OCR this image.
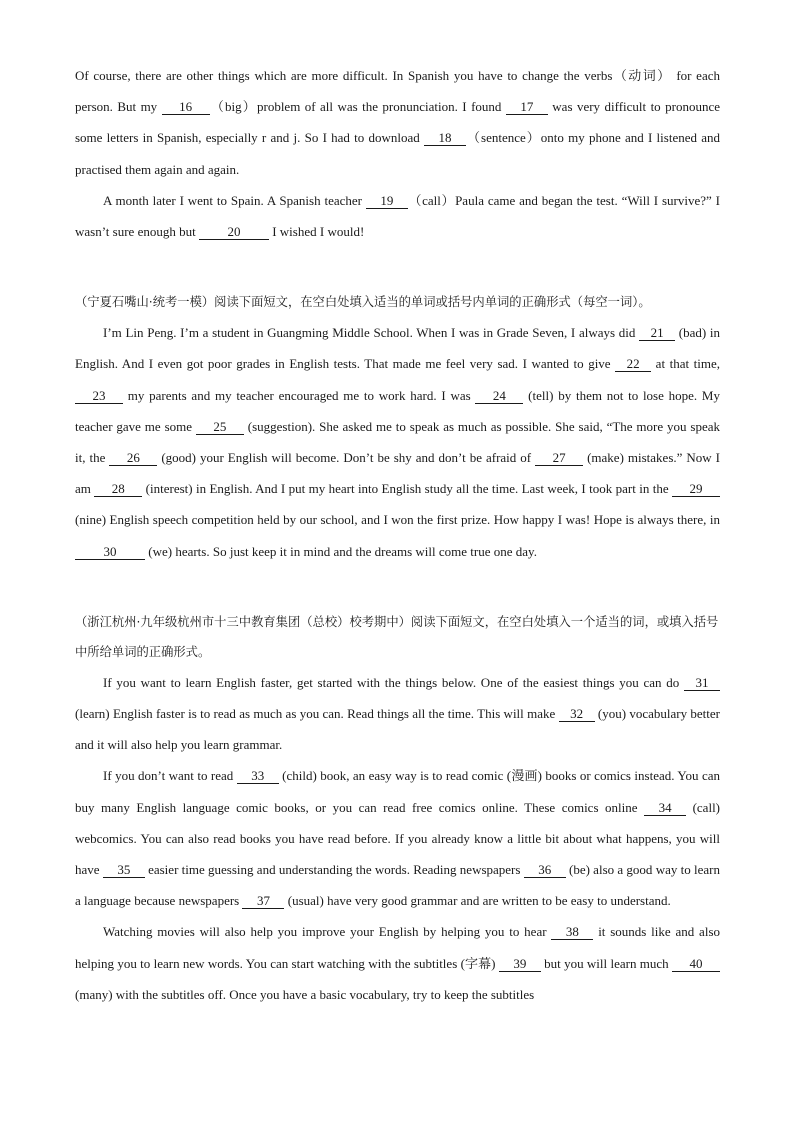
Of course, there are other things which are more difficult. In Spanish you have to change the verbs（动词） for each person. But my 16 （big）problem of all was the pronunciation. I found 17 was very difficult to pronounce some letters in Spanish, especially r and j. So I had to download 18 （sentence）onto my phone and I listened and practised them again and again.

A month later I went to Spain. A Spanish teacher 19 （call）Paula came and began the test. “Will I survive?” I wasn’t sure enough but 20 I wished I would!

（宁夏石嘴山·统考一模）阅读下面短文，在空白处填入适当的单词或括号内单词的正确形式（每空一词）。

I’m Lin Peng. I’m a student in Guangming Middle School. When I was in Grade Seven, I always did 21 (bad) in English. And I even got poor grades in English tests. That made me feel very sad. I wanted to give 22 at that time, 23 my parents and my teacher encouraged me to work hard. I was 24 (tell) by them not to lose hope. My teacher gave me some 25 (suggestion). She asked me to speak as much as possible. She said, “The more you speak it, the 26 (good) your English will become. Don’t be shy and don’t be afraid of 27 (make) mistakes.” Now I am 28 (interest) in English. And I put my heart into English study all the time. Last week, I took part in the 29 (nine) English speech competition held by our school, and I won the first prize. How happy I was! Hope is always there, in 30 (we) hearts. So just keep it in mind and the dreams will come true one day.

（浙江杭州·九年级杭州市十三中教育集团（总校）校考期中）阅读下面短文，在空白处填入一个适当的词，或填入括号中所给单词的正确形式。

If you want to learn English faster, get started with the things below. One of the easiest things you can do 31 (learn) English faster is to read as much as you can. Read things all the time. This will make 32 (you) vocabulary better and it will also help you learn grammar.

If you don’t want to read 33 (child) book, an easy way is to read comic (漫画) books or comics instead. You can buy many English language comic books, or you can read free comics online. These comics online 34 (call) webcomics. You can also read books you have read before. If you already know a little bit about what happens, you will have 35 easier time guessing and understanding the words. Reading newspapers 36 (be) also a good way to learn a language because newspapers 37 (usual) have very good grammar and are written to be easy to understand.

Watching movies will also help you improve your English by helping you to hear 38 it sounds like and also helping you to learn new words. You can start watching with the subtitles (字幕) 39 but you will learn much 40 (many) with the subtitles off. Once you have a basic vocabulary, try to keep the subtitles
